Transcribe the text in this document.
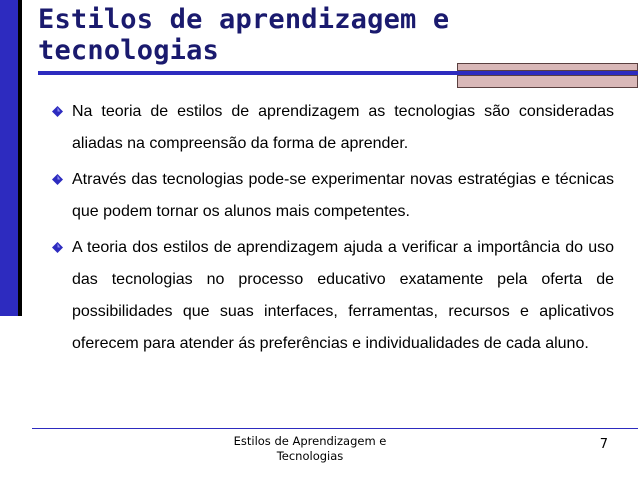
Estilos de aprendizagem e tecnologias
Na teoria de estilos de aprendizagem as tecnologias são consideradas aliadas na compreensão da forma de aprender.
Através das tecnologias pode-se experimentar novas estratégias e técnicas que podem tornar os alunos mais competentes.
A teoria dos estilos de aprendizagem ajuda a verificar a importância do uso das tecnologias no processo educativo exatamente pela oferta de possibilidades que suas interfaces, ferramentas, recursos e aplicativos oferecem para atender ás preferências e individualidades de cada aluno.
Estilos de Aprendizagem e Tecnologias
7
